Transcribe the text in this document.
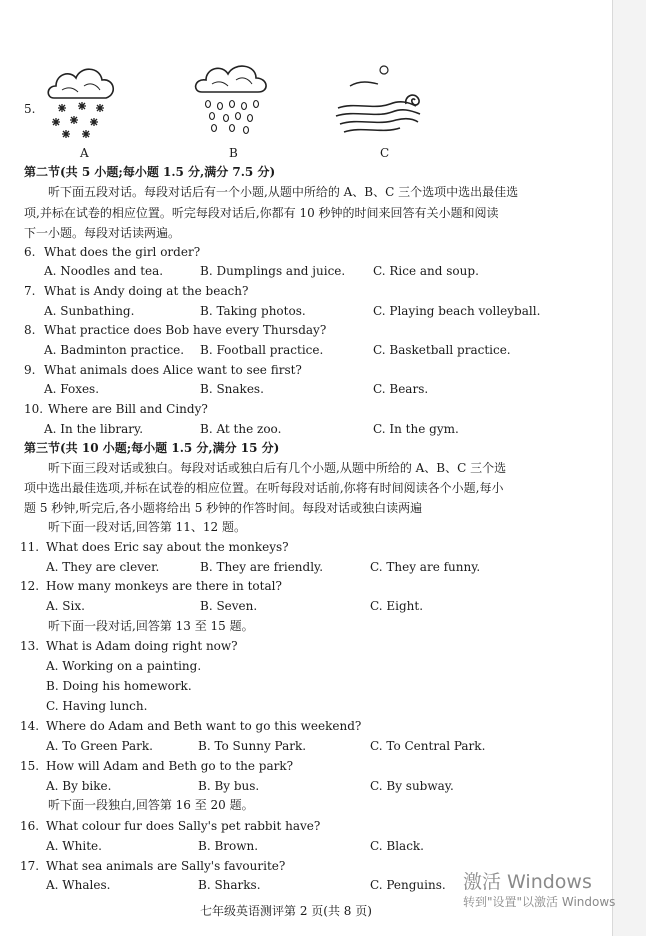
5.
A	B	C
第二节(共 5 小题;每小题 1.5 分,满分 7.5 分)
听下面五段对话。每段对话后有一个小题,从题中所给的 A、B、C 三个选项中选出最佳选
项,并标在试卷的相应位置。听完每段对话后,你都有 10 秒钟的时间来回答有关小题和阅读
下一小题。每段对话读两遍。
6. What does the girl order?
A. Noodles and tea.	B. Dumplings and juice. C. Rice and soup.
7. What is Andy doing at the beach?
A. Sunbathing.	B. Taking photos.	C. Playing beach volleyball.
8. What practice does Bob have every Thursday?
A. Badminton practice. B. Football practice.	C. Basketball practice.
9. What animals does Alice want to see first?
A. Foxes.	B. Snakes.	C. Bears.
10. Where are Bill and Cindy?
A. In the library.	B. At the zoo.	C. In the gym.
第三节(共 10 小题;每小题 1.5 分,满分 15 分)
听下面三段对话或独白。每段对话或独白后有几个小题,从题中所给的 A、B、C 三个选
项中选出最佳选项,并标在试卷的相应位置。在听每段对话前,你将有时间阅读各个小题,每小
题 5 秒钟,听完后,各小题将给出 5 秒钟的作答时间。每段对话或独白读两遍
听下面一段对话,回答第 11、12 题。
11. What does Eric say about the monkeys?
A. They are clever.	B. They are friendly.	C. They are funny.
12. How many monkeys are there in total?
A. Six.	B. Seven.	C. Eight.
听下面一段对话,回答第 13 至 15 题。
13. What is Adam doing right now?
A. Working on a painting.
B. Doing his homework.
C. Having lunch.
14. Where do Adam and Beth want to go this weekend?
A. To Green Park.	B. To Sunny Park.	C. To Central Park.
15. How will Adam and Beth go to the park?
A. By bike.	B. By bus.	C. By subway.
听下面一段独白,回答第 16 至 20 题。
16. What colour fur does Sally's pet rabbit have?
A. White.	B. Brown.	C. Black.
17. What sea animals are Sally's favourite?
A. Whales.	B. Sharks.	C. Penguins.
七年级英语测评第 2 页(共 8 页)
激活 Windows
转到"设置"以激活 Windows
